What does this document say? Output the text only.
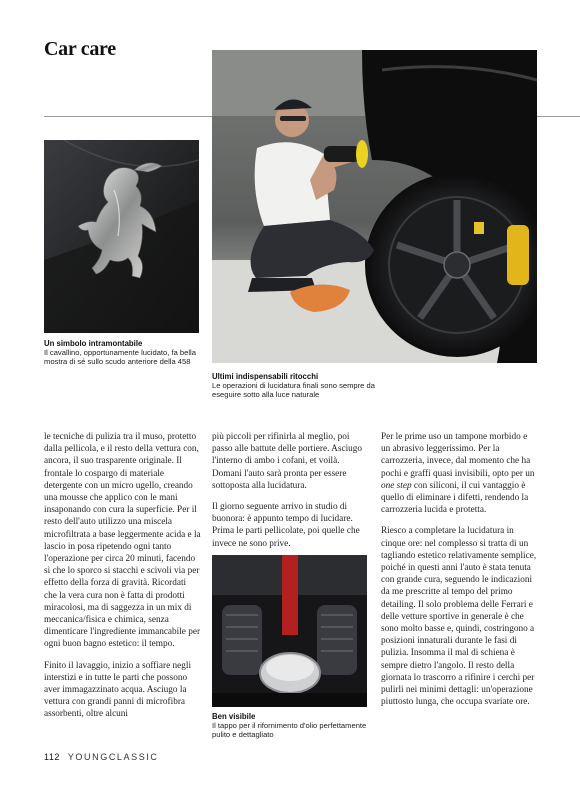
Car care
Un simbolo intramontabile
Il cavallino, opportunamente lucidato, fa bella mostra di sé sullo scudo anteriore della 458
Ultimi indispensabili ritocchi
Le operazioni di lucidatura finali sono sempre da eseguire sotto alla luce naturale
Ben visibile
Il tappo per il rifornimento d'olio perfettamente pulito e dettagliato

le tecniche di pulizia tra il muso, protetto dalla pellicola, e il resto della vettura con, ancora, il suo trasparente originale. Il frontale lo cospargo di materiale detergente con un micro ugello, creando una mousse che applico con le mani insaponando con cura la superficie. Per il resto dell'auto utilizzo una miscela microfiltrata a base leggermente acida e la lascio in posa ripetendo ogni tanto l'operazione per circa 20 minuti, facendo sì che lo sporco si stacchi e scivoli via per effetto della forza di gravità. Ricordati che la vera cura non è fatta di prodotti miracolosi, ma di saggezza in un mix di meccanica/fisica e chimica, senza dimenticare l'ingrediente immancabile per ogni buon bagno estetico: il tempo.

Finito il lavaggio, inizio a soffiare negli interstizi e in tutte le parti che possono aver immagazzinato acqua. Asciugo la vettura con grandi panni di microfibra assorbenti, oltre alcuni

più piccoli per rifinirla al meglio, poi passo alle battute delle portiere. Asciugo l'interno di ambo i cofani, et voilà. Domani l'auto sarà pronta per essere sottoposta alla lucidatura.

Il giorno seguente arrivo in studio di buonora: è appunto tempo di lucidare. Prima le parti pellicolate, poi quelle che invece ne sono prive.

Per le prime uso un tampone morbido e un abrasivo leggerissimo. Per la carrozzeria, invece, dal momento che ha pochi e graffi quasi invisibili, opto per un one step con siliconi, il cui vantaggio è quello di eliminare i difetti, rendendo la carrozzeria lucida e protetta.

Riesco a completare la lucidatura in cinque ore: nel complesso si tratta di un tagliando estetico relativamente semplice, poiché in questi anni l'auto è stata tenuta con grande cura, seguendo le indicazioni da me prescritte al tempo del primo detailing. Il solo problema delle Ferrari e delle vetture sportive in generale è che sono molto basse e, quindi, costringono a posizioni innaturali durante le fasi di pulizia. Insomma il mal di schiena è sempre dietro l'angolo. Il resto della giornata lo trascorro a rifinire i cerchi per pulirli nei minimi dettagli: un'operazione piuttosto lunga, che occupa svariate ore.

112 YOUNGCLASSIC
